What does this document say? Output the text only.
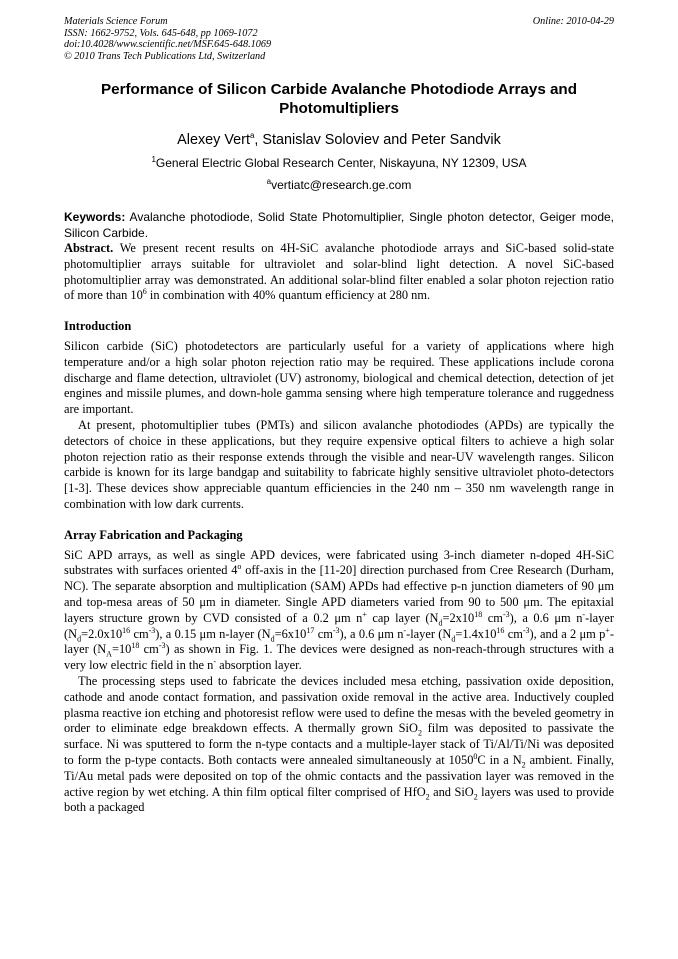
Materials Science Forum
ISSN: 1662-9752, Vols. 645-648, pp 1069-1072
doi:10.4028/www.scientific.net/MSF.645-648.1069
© 2010 Trans Tech Publications Ltd, Switzerland
Online: 2010-04-29
Performance of Silicon Carbide Avalanche Photodiode Arrays and Photomultipliers
Alexey Vert$^a$, Stanislav Soloviev and Peter Sandvik
$^1$General Electric Global Research Center, Niskayuna, NY 12309, USA
$^a$vertiatc@research.ge.com
Keywords: Avalanche photodiode, Solid State Photomultiplier, Single photon detector, Geiger mode, Silicon Carbide.

Abstract. We present recent results on 4H-SiC avalanche photodiode arrays and SiC-based solid-state photomultiplier arrays suitable for ultraviolet and solar-blind light detection. A novel SiC-based photomultiplier array was demonstrated. An additional solar-blind filter enabled a solar photon rejection ratio of more than $10^6$ in combination with 40% quantum efficiency at 280 nm.

Introduction

Silicon carbide (SiC) photodetectors are particularly useful for a variety of applications where high temperature and/or a high solar photon rejection ratio may be required. These applications include corona discharge and flame detection, ultraviolet (UV) astronomy, biological and chemical detection, detection of jet engines and missile plumes, and down-hole gamma sensing where high temperature tolerance and ruggedness are important.

At present, photomultiplier tubes (PMTs) and silicon avalanche photodiodes (APDs) are typically the detectors of choice in these applications, but they require expensive optical filters to achieve a high solar photon rejection ratio as their response extends through the visible and near-UV wavelength ranges. Silicon carbide is known for its large bandgap and suitability to fabricate highly sensitive ultraviolet photo-detectors [1-3]. These devices show appreciable quantum efficiencies in the 240 nm – 350 nm wavelength range in combination with low dark currents.

Array Fabrication and Packaging

SiC APD arrays, as well as single APD devices, were fabricated using 3-inch diameter n-doped 4H-SiC substrates with surfaces oriented 4$^o$ off-axis in the [11-20] direction purchased from Cree Research (Durham, NC). The separate absorption and multiplication (SAM) APDs had effective p-n junction diameters of 90 μm and top-mesa areas of 50 μm in diameter. Single APD diameters varied from 90 to 500 μm. The epitaxial layers structure grown by CVD consisted of a 0.2 μm n+ cap layer ($N_d=2x10^{18}$ $cm^{-3}$), a 0.6 μm n--layer ($N_d=2.0x10^{16}$ $cm^{-3}$), a 0.15 μm n-layer ($N_d=6x10^{17}$ $cm^{-3}$), a 0.6 μm n--layer ($N_d=1.4x10^{16}$ $cm^{-3}$), and a 2 μm p+-layer ($N_A=10^{18}$ $cm^{-3}$) as shown in Fig. 1. The devices were designed as non-reach-through structures with a very low electric field in the n- absorption layer.

The processing steps used to fabricate the devices included mesa etching, passivation oxide deposition, cathode and anode contact formation, and passivation oxide removal in the active area. Inductively coupled plasma reactive ion etching and photoresist reflow were used to define the mesas with the beveled geometry in order to eliminate edge breakdown effects. A thermally grown SiO$_2$ film was deposited to passivate the surface. Ni was sputtered to form the n-type contacts and a multiple-layer stack of Ti/Al/Ti/Ni was deposited to form the p-type contacts. Both contacts were annealed simultaneously at 1050$^0$C in a $N_2$ ambient. Finally, Ti/Au metal pads were deposited on top of the ohmic contacts and the passivation layer was removed in the active region by wet etching. A thin film optical filter comprised of HfO$_2$ and SiO$_2$ layers was used to provide both a packaged
